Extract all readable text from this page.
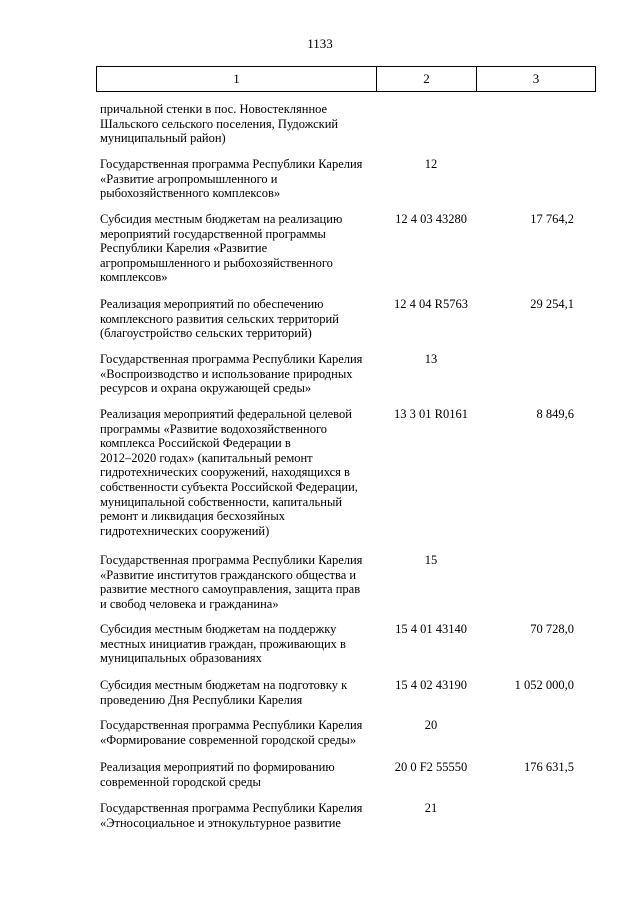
1133
1	2	3
причальной стенки в пос. Новостеклянное
Шальского сельского поселения, Пудожский
муниципальный район)
Государственная программа Республики Карелия
«Развитие агропромышленного и
рыбохозяйственного комплексов»
12
Субсидия местным бюджетам на реализацию
мероприятий государственной программы
Республики Карелия «Развитие
агропромышленного и рыбохозяйственного
комплексов»
12 4 03 43280	17 764,2
Реализация мероприятий по обеспечению
комплексного развития сельских территорий
(благоустройство сельских территорий)
12 4 04 R5763	29 254,1
Государственная программа Республики Карелия
«Воспроизводство и использование природных
ресурсов и охрана окружающей среды»
13
Реализация мероприятий федеральной целевой
программы «Развитие водохозяйственного
комплекса Российской Федерации в
2012–2020 годах» (капитальный ремонт
гидротехнических сооружений, находящихся в
собственности субъекта Российской Федерации,
муниципальной собственности, капитальный
ремонт и ликвидация бесхозяйных
гидротехнических сооружений)
13 3 01 R0161	8 849,6
Государственная программа Республики Карелия
«Развитие институтов гражданского общества и
развитие местного самоуправления, защита прав
и свобод человека и гражданина»
15
Субсидия местным бюджетам на поддержку
местных инициатив граждан, проживающих в
муниципальных образованиях
15 4 01 43140	70 728,0
Субсидия местным бюджетам на подготовку к
проведению Дня Республики Карелия
15 4 02 43190	1 052 000,0
Государственная программа Республики Карелия
«Формирование современной городской среды»
20
Реализация мероприятий по формированию
современной городской среды
20 0 F2 55550	176 631,5
Государственная программа Республики Карелия
«Этносоциальное и этнокультурное развитие
21
